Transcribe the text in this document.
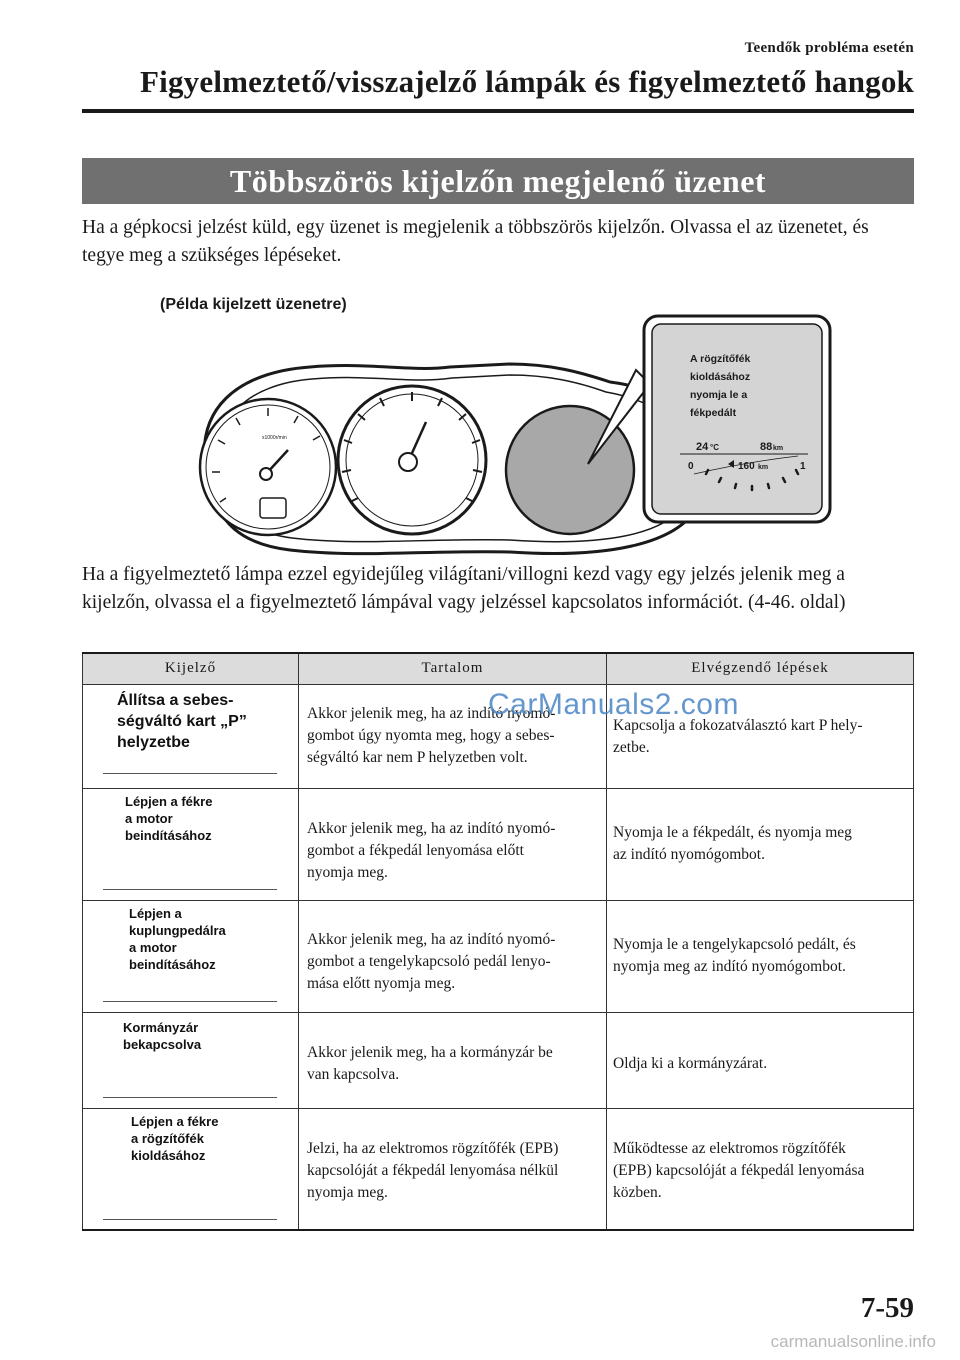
Teendők probléma esetén
Figyelmeztető/visszajelző lámpák és figyelmeztető hangok
Többszörös kijelzőn megjelenő üzenet

Ha a gépkocsi jelzést küld, egy üzenet is megjelenik a többszörös kijelzőn. Olvassa el az üzenetet, és tegye meg a szükséges lépéseket.

(Példa kijelzett üzenetre)
x1000r/min
A rögzítőfék
kioldásához
nyomja le a
fékpedált
24 °C	88 km
0	1
160 km

Ha a figyelmeztető lámpa ezzel egyidejűleg világítani/villogni kezd vagy egy jelzés jelenik meg a kijelzőn, olvassa el a figyelmeztető lámpával vagy jelzéssel kapcsolatos információt. (4-46. oldal)

Kijelző	Tartalom	Elvégzendő lépések

Állítsa a sebes-
ségváltó kart „P”
helyzetbe	Akkor jelenik meg, ha az indító nyomó-
gombot úgy nyomta meg, hogy a sebes-
ségváltó kar nem P helyzetben volt.	Kapcsolja a fokozatválasztó kart P hely-
zetbe.

Lépjen a fékre
a motor
beindításához	Akkor jelenik meg, ha az indító nyomó-
gombot a fékpedál lenyomása előtt
nyomja meg.	Nyomja le a fékpedált, és nyomja meg
az indító nyomógombot.

Lépjen a
kuplungpedálra
a motor
beindításához	Akkor jelenik meg, ha az indító nyomó-
gombot a tengelykapcsoló pedál lenyo-
mása előtt nyomja meg.	Nyomja le a tengelykapcsoló pedált, és
nyomja meg az indító nyomógombot.

Kormányzár
bekapcsolva	Akkor jelenik meg, ha a kormányzár be
van kapcsolva.	Oldja ki a kormányzárat.

Lépjen a fékre
a rögzítőfék
kioldásához	Jelzi, ha az elektromos rögzítőfék (EPB)
kapcsolóját a fékpedál lenyomása nélkül
nyomja meg.	Működtesse az elektromos rögzítőfék
(EPB) kapcsolóját a fékpedál lenyomása
közben.
CarManuals2.com
7-59
carmanualsonline.info
